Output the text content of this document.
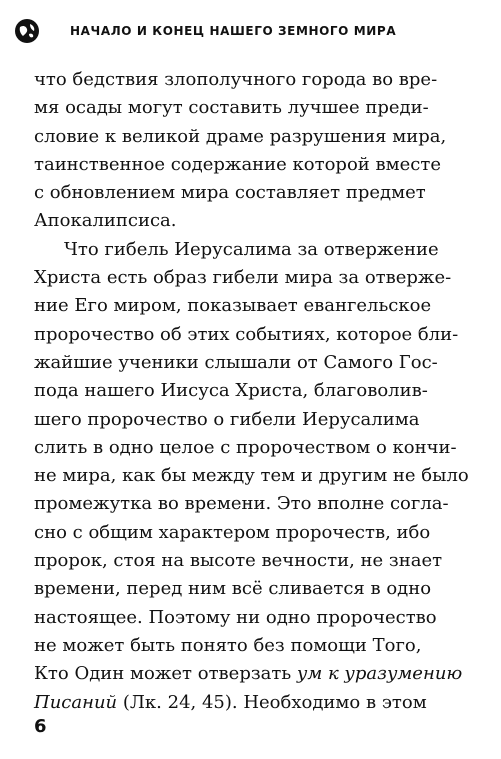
НАЧАЛО И КОНЕЦ НАШЕГО ЗЕМНОГО МИРА
что бедствия злополучного города во вре-
мя осады могут составить лучшее преди-
словие к великой драме разрушения мира,
таинственное содержание которой вместе
с обновлением мира составляет предмет
Апокалипсиса.
Что гибель Иерусалима за отвержение
Христа есть образ гибели мира за отверже-
ние Его миром, показывает евангельское
пророчество об этих событиях, которое бли-
жайшие ученики слышали от Самого Гос-
пода нашего Иисуса Христа, благоволив-
шего пророчество о гибели Иерусалима
слить в одно целое с пророчеством о кончи-
не мира, как бы между тем и другим не было
промежутка во времени. Это вполне согла-
сно с общим характером пророчеств, ибо
пророк, стоя на высоте вечности, не знает
времени, перед ним всё сливается в одно
настоящее. Поэтому ни одно пророчество
не может быть понято без помощи Того,
Кто Один может отверзать ум к уразумению
Писаний (Лк. 24, 45). Необходимо в этом
6
